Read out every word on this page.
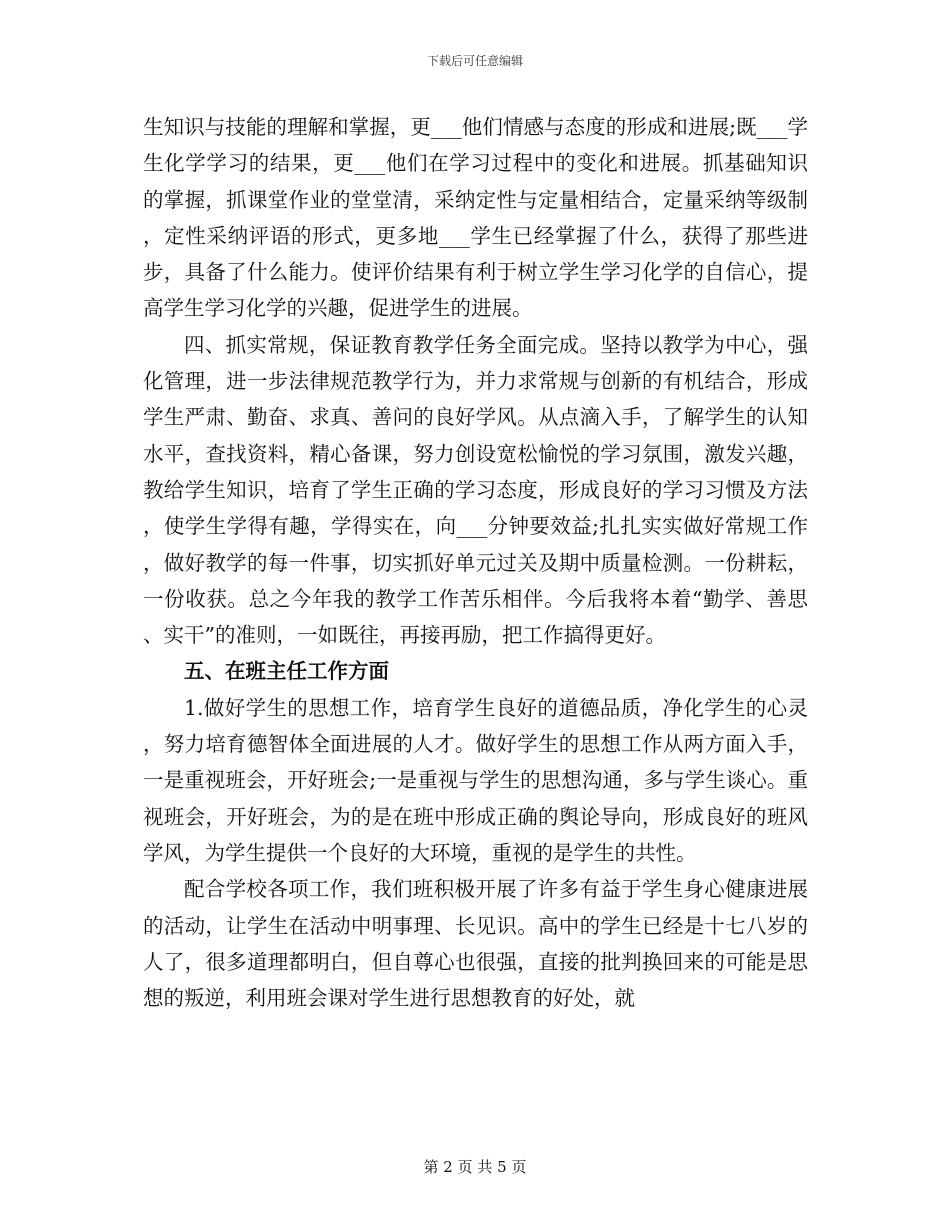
下载后可任意编辑

生知识与技能的理解和掌握，更___他们情感与态度的形成和进展;既___学生化学学习的结果，更___他们在学习过程中的变化和进展。抓基础知识的掌握，抓课堂作业的堂堂清，采纳定性与定量相结合，定量采纳等级制，定性采纳评语的形式，更多地___学生已经掌握了什么，获得了那些进步，具备了什么能力。使评价结果有利于树立学生学习化学的自信心，提高学生学习化学的兴趣，促进学生的进展。

四、抓实常规，保证教育教学任务全面完成。坚持以教学为中心，强化管理，进一步法律规范教学行为，并力求常规与创新的有机结合，形成学生严肃、勤奋、求真、善问的良好学风。从点滴入手，了解学生的认知水平，查找资料，精心备课，努力创设宽松愉悦的学习氛围，激发兴趣，教给学生知识，培育了学生正确的学习态度，形成良好的学习习惯及方法，使学生学得有趣，学得实在，向___分钟要效益;扎扎实实做好常规工作，做好教学的每一件事，切实抓好单元过关及期中质量检测。一份耕耘，一份收获。总之今年我的教学工作苦乐相伴。今后我将本着“勤学、善思、实干”的准则，一如既往，再接再励，把工作搞得更好。

五、在班主任工作方面

1.做好学生的思想工作，培育学生良好的道德品质，净化学生的心灵，努力培育德智体全面进展的人才。做好学生的思想工作从两方面入手，一是重视班会，开好班会;一是重视与学生的思想沟通，多与学生谈心。重视班会，开好班会，为的是在班中形成正确的舆论导向，形成良好的班风学风，为学生提供一个良好的大环境，重视的是学生的共性。

配合学校各项工作，我们班积极开展了许多有益于学生身心健康进展的活动，让学生在活动中明事理、长见识。高中的学生已经是十七八岁的人了，很多道理都明白，但自尊心也很强，直接的批判换回来的可能是思想的叛逆，利用班会课对学生进行思想教育的好处，就

第 2 页 共 5 页
